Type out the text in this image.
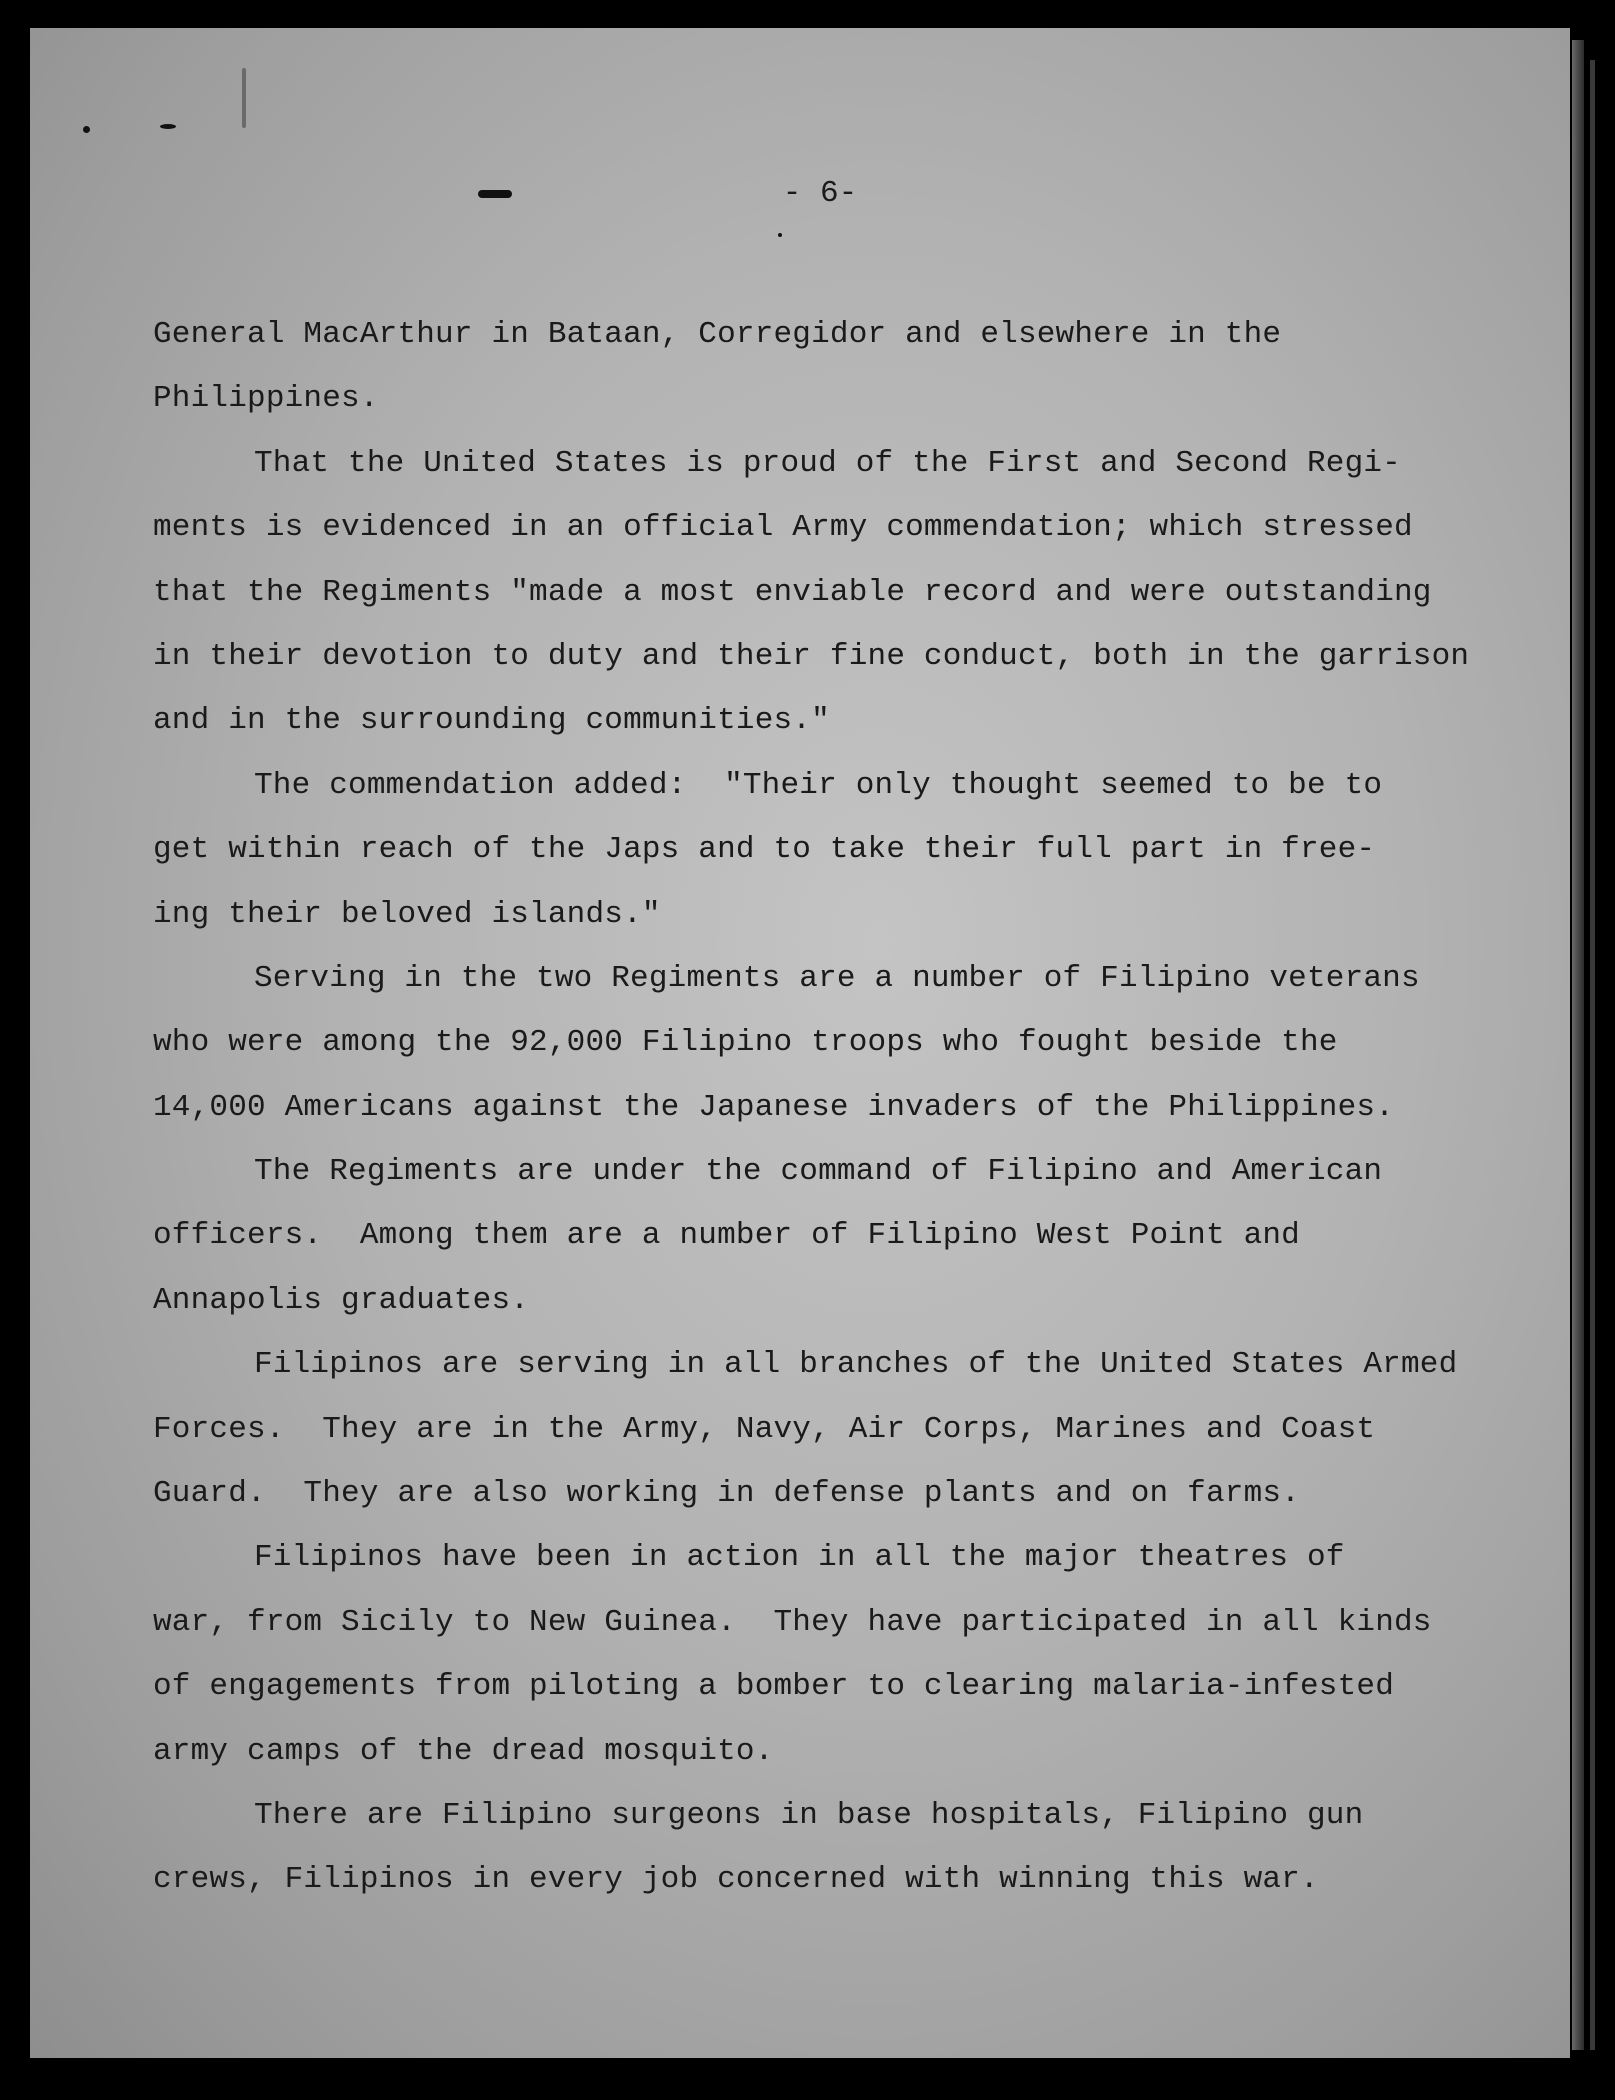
- 6-
General MacArthur in Bataan, Corregidor and elsewhere in the
Philippines.
That the United States is proud of the First and Second Regi-
ments is evidenced in an official Army commendation; which stressed
that the Regiments "made a most enviable record and were outstanding
in their devotion to duty and their fine conduct, both in the garrison
and in the surrounding communities."
The commendation added:  "Their only thought seemed to be to
get within reach of the Japs and to take their full part in free-
ing their beloved islands."
Serving in the two Regiments are a number of Filipino veterans
who were among the 92,000 Filipino troops who fought beside the
14,000 Americans against the Japanese invaders of the Philippines.
The Regiments are under the command of Filipino and American
officers.  Among them are a number of Filipino West Point and
Annapolis graduates.
Filipinos are serving in all branches of the United States Armed
Forces.  They are in the Army, Navy, Air Corps, Marines and Coast
Guard.  They are also working in defense plants and on farms.
Filipinos have been in action in all the major theatres of
war, from Sicily to New Guinea.  They have participated in all kinds
of engagements from piloting a bomber to clearing malaria-infested
army camps of the dread mosquito.
There are Filipino surgeons in base hospitals, Filipino gun
crews, Filipinos in every job concerned with winning this war.
